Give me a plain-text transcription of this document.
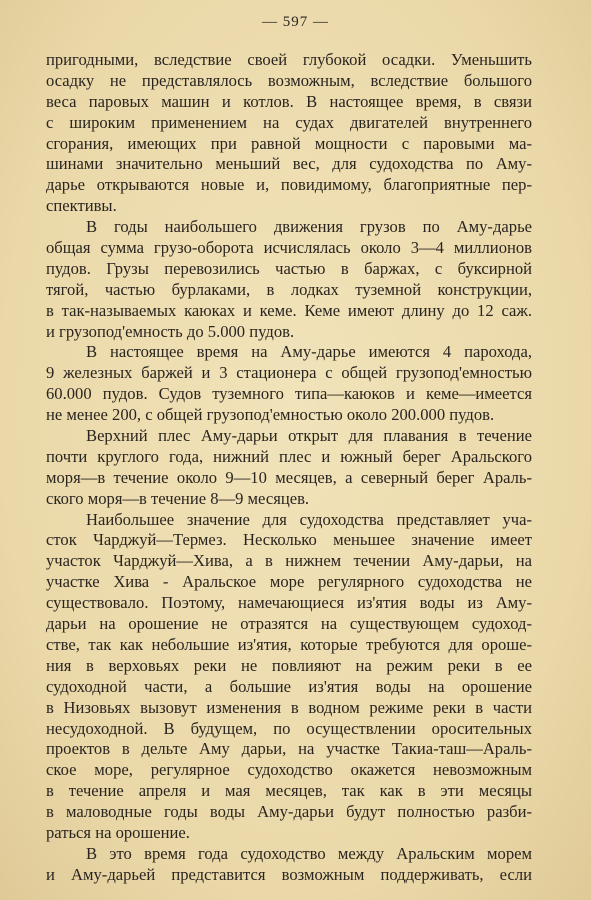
— 597 —
пригодными, вследствие своей глубокой осадки. Уменьшить
осадку не представлялось возможным, вследствие большого
веса паровых машин и котлов. В настоящее время, в связи
с широким применением на судах двигателей внутреннего
сгорания, имеющих при равной мощности с паровыми ма-
шинами значительно меньший вес, для судоходства по Аму-
дарье открываются новые и, повидимому, благоприятные пер-
спективы.
В годы наибольшего движения грузов по Аму-дарье
общая сумма грузо-оборота исчислялась около 3—4 миллионов
пудов. Грузы перевозились частью в баржах, с буксирной
тягой, частью бурлаками, в лодках туземной конструкции,
в так-называемых каюках и кеме. Кеме имеют длину до 12 саж.
и грузопод'емность до 5.000 пудов.
В настоящее время на Аму-дарье имеются 4 парохода,
9 железных баржей и 3 стационера с общей грузопод'емностью
60.000 пудов. Судов туземного типа—каюков и кеме—имеется
не менее 200, с общей грузопод'емностью около 200.000 пудов.
Верхний плес Аму-дарьи открыт для плавания в течение
почти круглого года, нижний плес и южный берег Аральского
моря—в течение около 9—10 месяцев, а северный берег Араль-
ского моря—в течение 8—9 месяцев.
Наибольшее значение для судоходства представляет уча-
сток Чарджуй—Термез. Несколько меньшее значение имеет
участок Чарджуй—Хива, а в нижнем течении Аму-дарьи, на
участке Хива - Аральское море регулярного судоходства не
существовало. Поэтому, намечающиеся из'ятия воды из Аму-
дарьи на орошение не отразятся на существующем судоход-
стве, так как небольшие из'ятия, которые требуются для ороше-
ния в верховьях реки не повлияют на режим реки в ее
судоходной части, а большие из'ятия воды на орошение
в Низовьях вызовут изменения в водном режиме реки в части
несудоходной. В будущем, по осуществлении оросительных
проектов в дельте Аму дарьи, на участке Такиа-таш—Араль-
ское море, регулярное судоходство окажется невозможным
в течение апреля и мая месяцев, так как в эти месяцы
в маловодные годы воды Аму-дарьи будут полностью разби-
раться на орошение.
В это время года судоходство между Аральским морем
и Аму-дарьей представится возможным поддерживать, если
